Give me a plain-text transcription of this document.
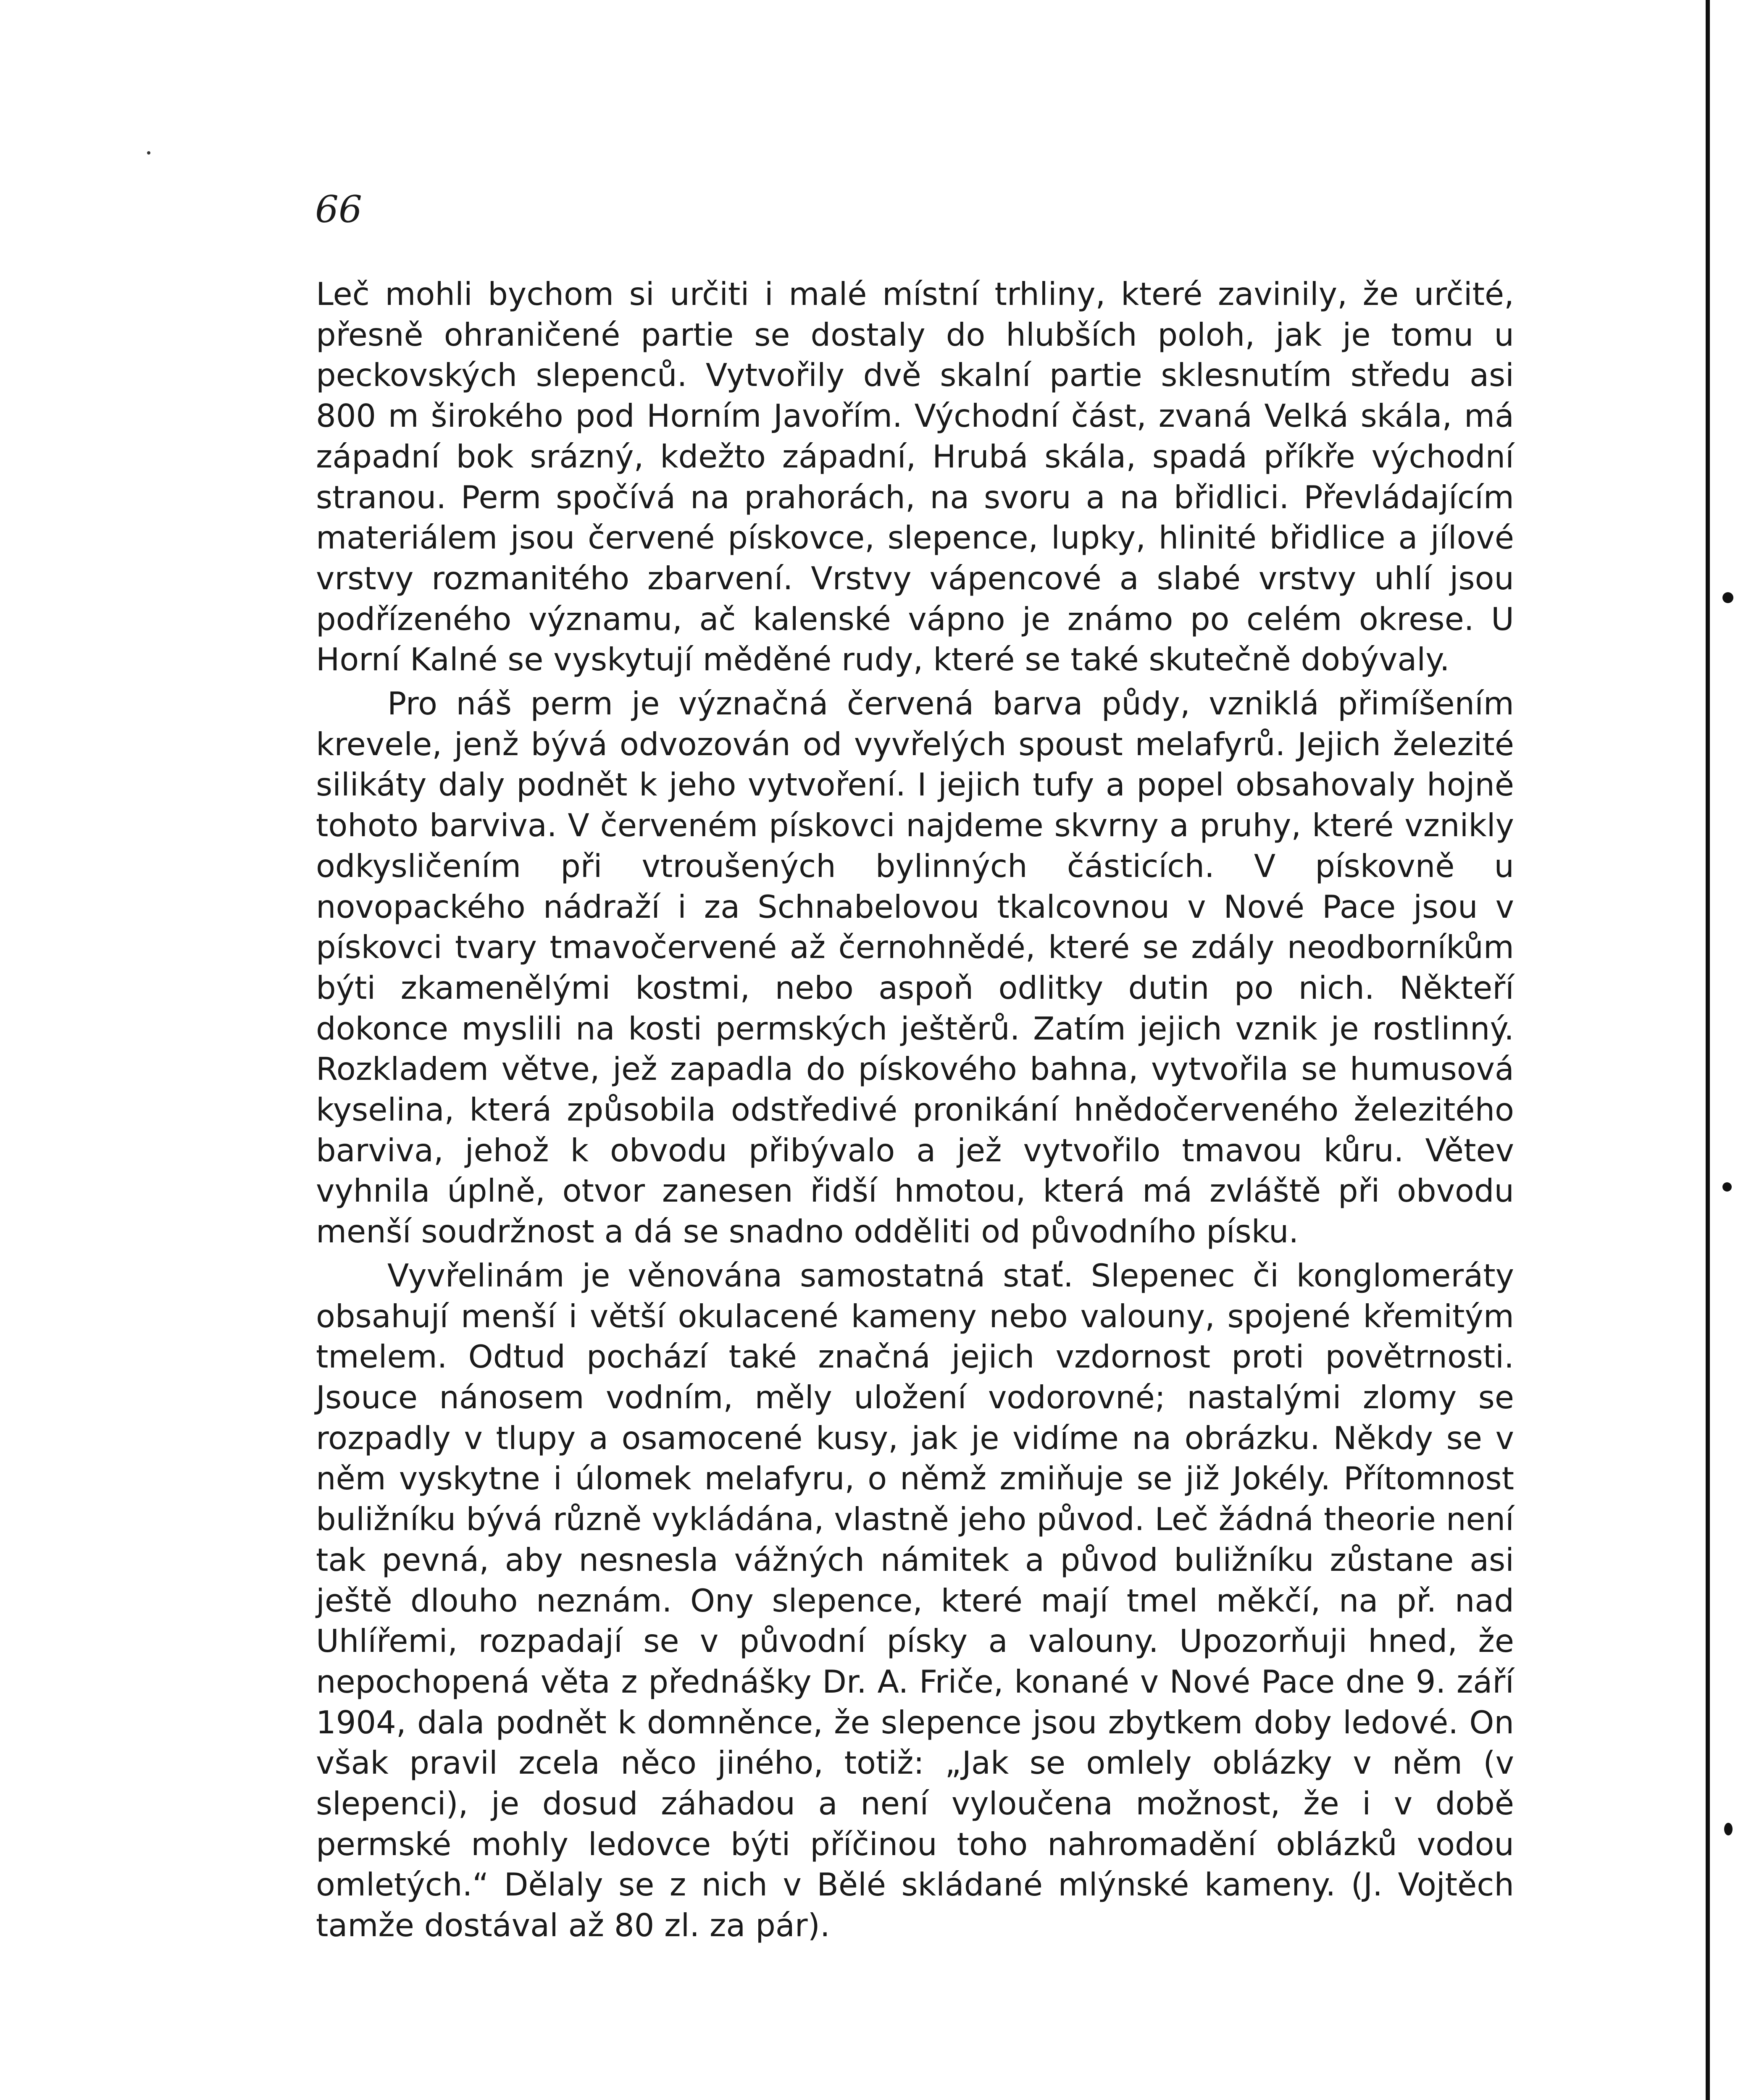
66

Leč mohli bychom si určiti i malé místní trhliny, které zavinily, že určité, přesně ohraničené partie se dostaly do hlubších poloh, jak je tomu u peckovských slepenců. Vytvořily dvě skalní partie sklesnutím středu asi 800 m širokého pod Horním Javořím. Východní část, zvaná Velká skála, má západní bok srázný, kdežto západní, Hrubá skála, spadá příkře východní stranou. Perm spočívá na prahorách, na svoru a na břidlici. Převládajícím materiálem jsou červené pískovce, slepence, lupky, hlinité břidlice a jílové vrstvy rozmanitého zbarvení. Vrstvy vápencové a slabé vrstvy uhlí jsou podřízeného významu, ač kalenské vápno je známo po celém okrese. U Horní Kalné se vyskytují měděné rudy, které se také skutečně dobývaly.

Pro náš perm je význačná červená barva půdy, vzniklá přimíšením krevele, jenž bývá odvozován od vyvřelých spoust melafyrů. Jejich železité silikáty daly podnět k jeho vytvoření. I jejich tufy a popel obsahovaly hojně tohoto barviva. V červeném pískovci najdeme skvrny a pruhy, které vznikly odkysličením při vtroušených bylinných částicích. V pískovně u novopackého nádraží i za Schnabelovou tkalcovnou v Nové Pace jsou v pískovci tvary tmavočervené až černohnědé, které se zdály neodborníkům býti zkamenělými kostmi, nebo aspoň odlitky dutin po nich. Někteří dokonce myslili na kosti permských ještěrů. Zatím jejich vznik je rostlinný. Rozkladem větve, jež zapadla do pískového bahna, vytvořila se humusová kyselina, která způsobila odstředivé pronikání hnědočerveného železitého barviva, jehož k obvodu přibývalo a jež vytvořilo tmavou kůru. Větev vyhnila úplně, otvor zanesen řidší hmotou, která má zvláště při obvodu menší soudržnost a dá se snadno odděliti od původního písku.

Vyvřelinám je věnována samostatná stať. Slepenec či konglomeráty obsahují menší i větší okulacené kameny nebo valouny, spojené křemitým tmelem. Odtud pochází také značná jejich vzdornost proti povětrnosti. Jsouce nánosem vodním, měly uložení vodorovné; nastalými zlomy se rozpadly v tlupy a osamocené kusy, jak je vidíme na obrázku. Někdy se v něm vyskytne i úlomek melafyru, o němž zmiňuje se již Jokély. Přítomnost buližníku bývá různě vykládána, vlastně jeho původ. Leč žádná theorie není tak pevná, aby nesnesla vážných námitek a původ buližníku zůstane asi ještě dlouho neznám. Ony slepence, které mají tmel měkčí, na př. nad Uhlířemi, rozpadají se v původní písky a valouny. Upozorňuji hned, že nepochopená věta z přednášky Dr. A. Friče, konané v Nové Pace dne 9. září 1904, dala podnět k domněnce, že slepence jsou zbytkem doby ledové. On však pravil zcela něco jiného, totiž: „Jak se omlely oblázky v něm (v slepenci), je dosud záhadou a není vyloučena možnost, že i v době permské mohly ledovce býti příčinou toho nahromadění oblázků vodou omletých.“ Dělaly se z nich v Bělé skládané mlýnské kameny. (J. Vojtěch tamže dostával až 80 zl. za pár).
